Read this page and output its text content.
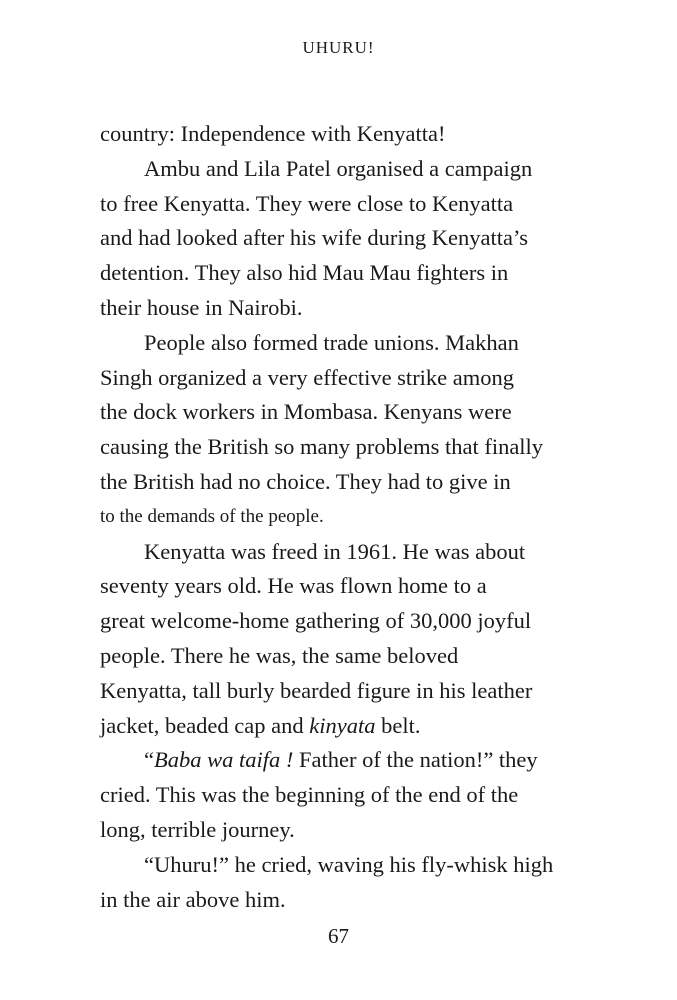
UHURU!

country: Independence with Kenyatta!

Ambu and Lila Patel organised a campaign
to free Kenyatta. They were close to Kenyatta
and had looked after his wife during Kenyatta’s
detention. They also hid Mau Mau fighters in
their house in Nairobi.

People also formed trade unions. Makhan
Singh organized a very effective strike among
the dock workers in Mombasa. Kenyans were
causing the British so many problems that finally
the British had no choice. They had to give in
to the demands of the people.

Kenyatta was freed in 1961. He was about
seventy years old. He was flown home to a
great welcome-home gathering of 30,000 joyful
people. There he was, the same beloved
Kenyatta, tall burly bearded figure in his leather
jacket, beaded cap and kinyata belt.

“Baba wa taifa ! Father of the nation!” they
cried. This was the beginning of the end of the
long, terrible journey.

“Uhuru!” he cried, waving his fly-whisk high
in the air above him.

67
